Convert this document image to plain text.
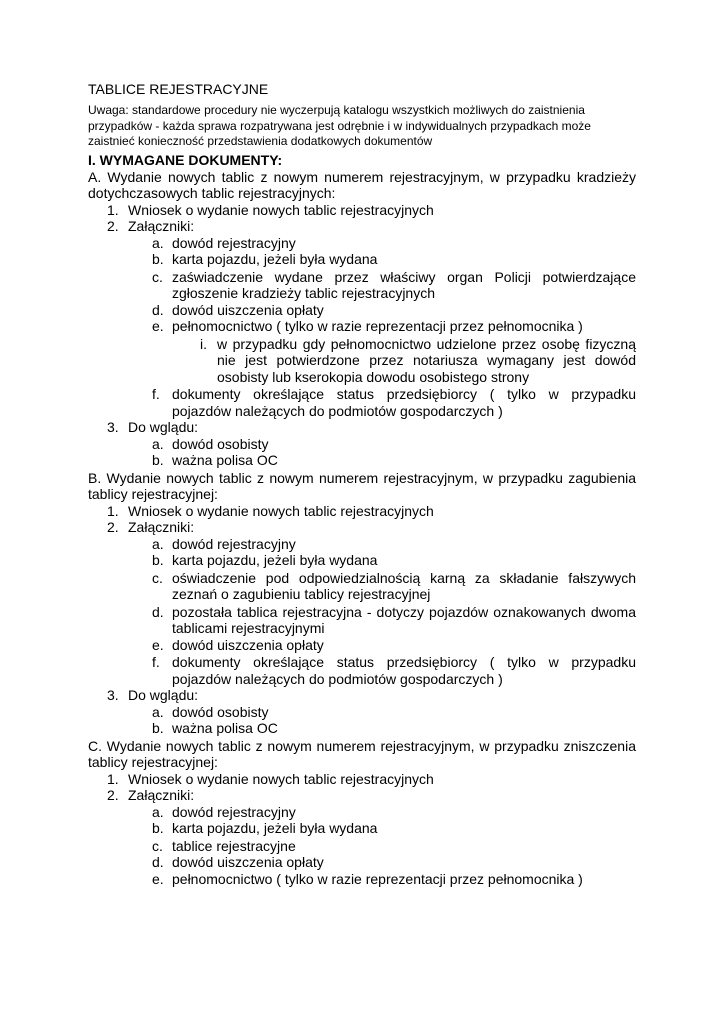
TABLICE REJESTRACYJNE
Uwaga: standardowe procedury nie wyczerpują katalogu wszystkich możliwych do zaistnienia przypadków - każda sprawa rozpatrywana jest odrębnie i w indywidualnych przypadkach może zaistnieć konieczność przedstawienia dodatkowych dokumentów
I. WYMAGANE DOKUMENTY:
A. Wydanie nowych tablic z nowym numerem rejestracyjnym, w przypadku kradzieży dotychczasowych tablic rejestracyjnych:
1. Wniosek o wydanie nowych tablic rejestracyjnych
2. Załączniki:
a. dowód rejestracyjny
b. karta pojazdu, jeżeli była wydana
c. zaświadczenie wydane przez właściwy organ Policji potwierdzające zgłoszenie kradzieży tablic rejestracyjnych
d. dowód uiszczenia opłaty
e. pełnomocnictwo ( tylko w razie reprezentacji przez pełnomocnika )
i. w przypadku gdy pełnomocnictwo udzielone przez osobę fizyczną nie jest potwierdzone przez notariusza wymagany jest dowód osobisty lub kserokopia dowodu osobistego strony
f. dokumenty określające status przedsiębiorcy ( tylko w przypadku pojazdów należących do podmiotów gospodarczych )
3. Do wglądu:
a. dowód osobisty
b. ważna polisa OC
B. Wydanie nowych tablic z nowym numerem rejestracyjnym, w przypadku zagubienia tablicy rejestracyjnej:
1. Wniosek o wydanie nowych tablic rejestracyjnych
2. Załączniki:
a. dowód rejestracyjny
b. karta pojazdu, jeżeli była wydana
c. oświadczenie pod odpowiedzialnością karną za składanie fałszywych zeznań o zagubieniu tablicy rejestracyjnej
d. pozostała tablica rejestracyjna - dotyczy pojazdów oznakowanych dwoma tablicami rejestracyjnymi
e. dowód uiszczenia opłaty
f. dokumenty określające status przedsiębiorcy ( tylko w przypadku pojazdów należących do podmiotów gospodarczych )
3. Do wglądu:
a. dowód osobisty
b. ważna polisa OC
C. Wydanie nowych tablic z nowym numerem rejestracyjnym, w przypadku zniszczenia tablicy rejestracyjnej:
1. Wniosek o wydanie nowych tablic rejestracyjnych
2. Załączniki:
a. dowód rejestracyjny
b. karta pojazdu, jeżeli była wydana
c. tablice rejestracyjne
d. dowód uiszczenia opłaty
e. pełnomocnictwo ( tylko w razie reprezentacji przez pełnomocnika )
